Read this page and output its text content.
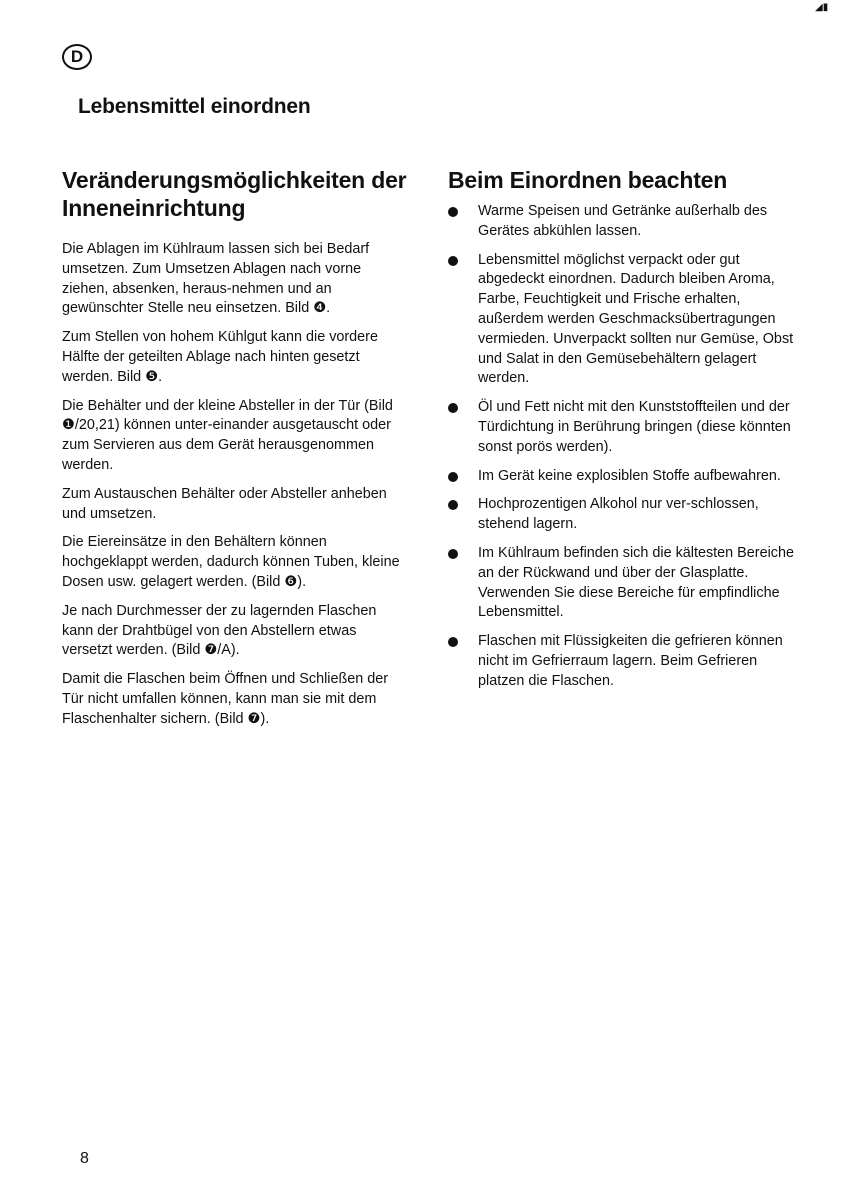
◢▮
D
Lebensmittel einordnen
Veränderungsmöglichkeiten der Inneneinrichtung

Die Ablagen im Kühlraum lassen sich bei Bedarf umsetzen. Zum Umsetzen Ablagen nach vorne ziehen, absenken, heraus-nehmen und an gewünschter Stelle neu einsetzen. Bild ❹.

Zum Stellen von hohem Kühlgut kann die vordere Hälfte der geteilten Ablage nach hinten gesetzt werden. Bild ❺.

Die Behälter und der kleine Absteller in der Tür (Bild ❶/20,21) können unter-einander ausgetauscht oder zum Servieren aus dem Gerät herausgenommen werden.

Zum Austauschen Behälter oder Absteller anheben und umsetzen.

Die Eiereinsätze in den Behältern können hochgeklappt werden, dadurch können Tuben, kleine Dosen usw. gelagert werden. (Bild ❻).

Je nach Durchmesser der zu lagernden Flaschen kann der Drahtbügel von den Abstellern etwas versetzt werden. (Bild ❼/A).

Damit die Flaschen beim Öffnen und Schließen der Tür nicht umfallen können, kann man sie mit dem Flaschenhalter sichern. (Bild ❼).

Beim Einordnen beachten
Warme Speisen und Getränke außerhalb des Gerätes abkühlen lassen.
Lebensmittel möglichst verpackt oder gut abgedeckt einordnen. Dadurch bleiben Aroma, Farbe, Feuchtigkeit und Frische erhalten, außerdem werden Geschmacksübertragungen vermieden. Unverpackt sollten nur Gemüse, Obst und Salat in den Gemüsebehältern gelagert werden.
Öl und Fett nicht mit den Kunststoffteilen und der Türdichtung in Berührung bringen (diese könnten sonst porös werden).
Im Gerät keine explosiblen Stoffe aufbewahren.
Hochprozentigen Alkohol nur ver-schlossen, stehend lagern.
Im Kühlraum befinden sich die kältesten Bereiche an der Rückwand und über der Glasplatte. Verwenden Sie diese Bereiche für empfindliche Lebensmittel.
Flaschen mit Flüssigkeiten die gefrieren können nicht im Gefrierraum lagern. Beim Gefrieren platzen die Flaschen.
8
